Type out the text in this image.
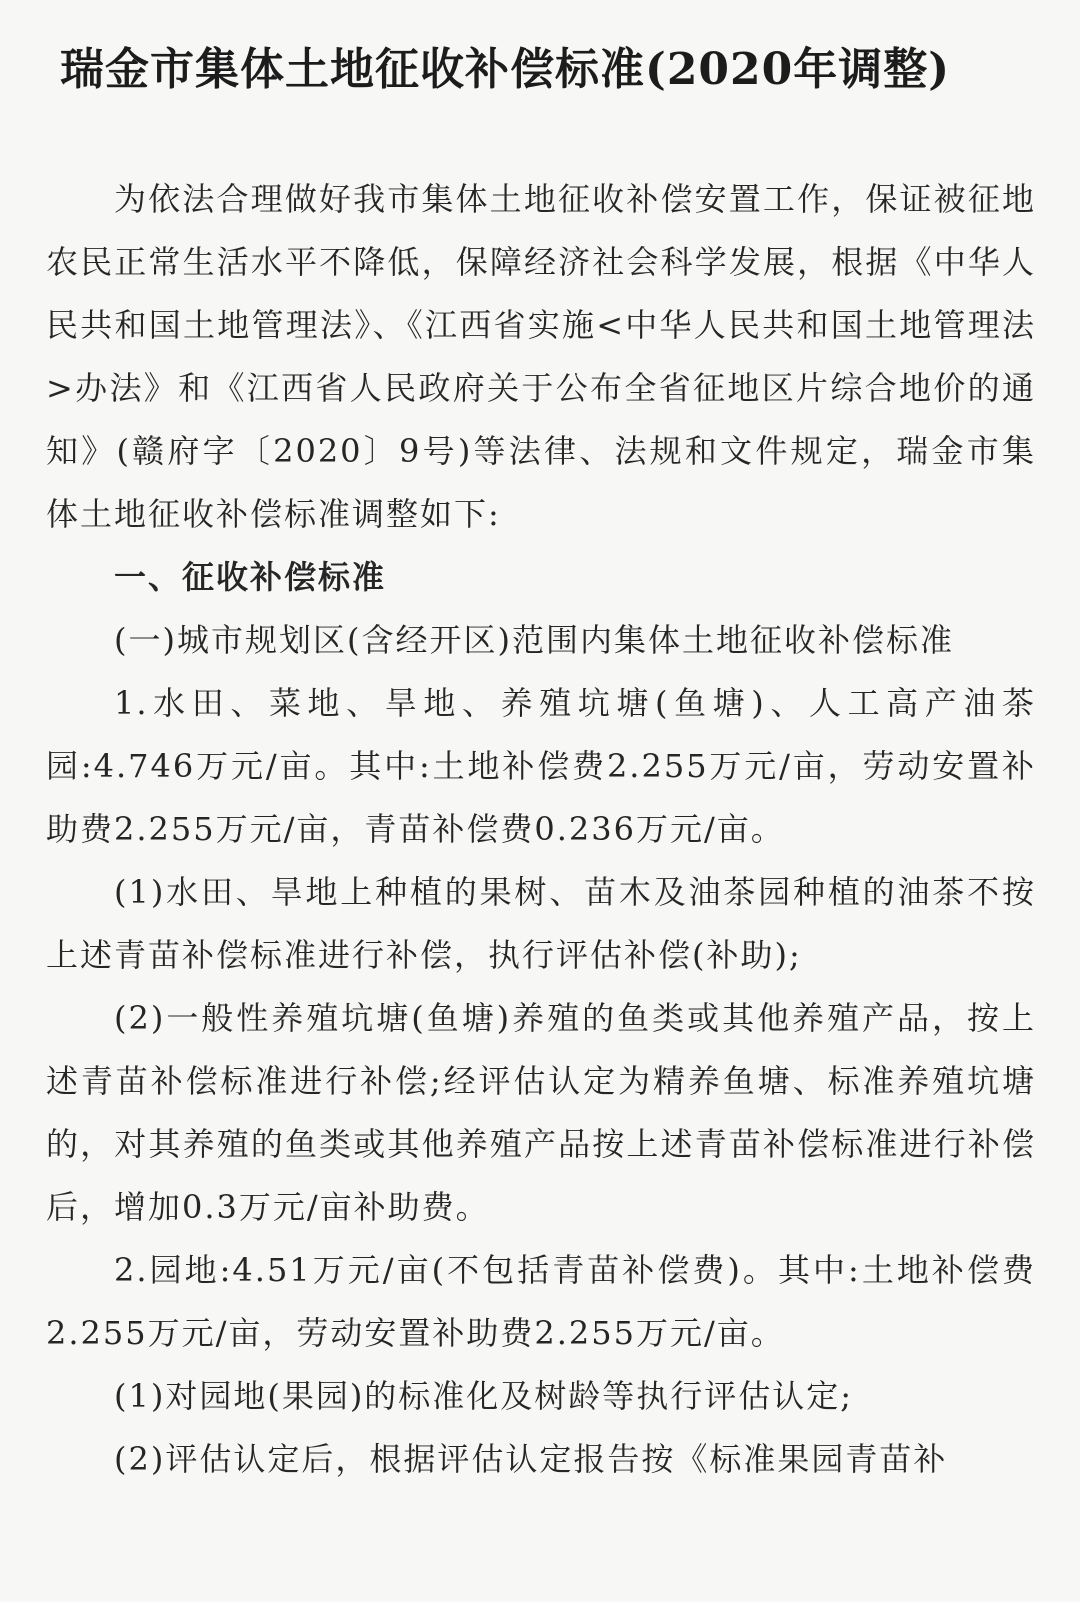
瑞金市集体土地征收补偿标准(2020年调整)

为依法合理做好我市集体土地征收补偿安置工作，保证被征地农民正常生活水平不降低，保障经济社会科学发展，根据《中华人民共和国土地管理法》、《江西省实施<中华人民共和国土地管理法>办法》和《江西省人民政府关于公布全省征地区片综合地价的通知》(赣府字〔2020〕9号)等法律、法规和文件规定，瑞金市集体土地征收补偿标准调整如下:

一、征收补偿标准

(一)城市规划区(含经开区)范围内集体土地征收补偿标准

1.水田、菜地、旱地、养殖坑塘(鱼塘)、人工高产油茶园:4.746万元/亩。其中:土地补偿费2.255万元/亩，劳动安置补助费2.255万元/亩，青苗补偿费0.236万元/亩。

(1)水田、旱地上种植的果树、苗木及油茶园种植的油茶不按上述青苗补偿标准进行补偿，执行评估补偿(补助);

(2)一般性养殖坑塘(鱼塘)养殖的鱼类或其他养殖产品，按上述青苗补偿标准进行补偿;经评估认定为精养鱼塘、标准养殖坑塘的，对其养殖的鱼类或其他养殖产品按上述青苗补偿标准进行补偿后，增加0.3万元/亩补助费。

2.园地:4.51万元/亩(不包括青苗补偿费)。其中:土地补偿费2.255万元/亩，劳动安置补助费2.255万元/亩。

(1)对园地(果园)的标准化及树龄等执行评估认定;

(2)评估认定后，根据评估认定报告按《标准果园青苗补
